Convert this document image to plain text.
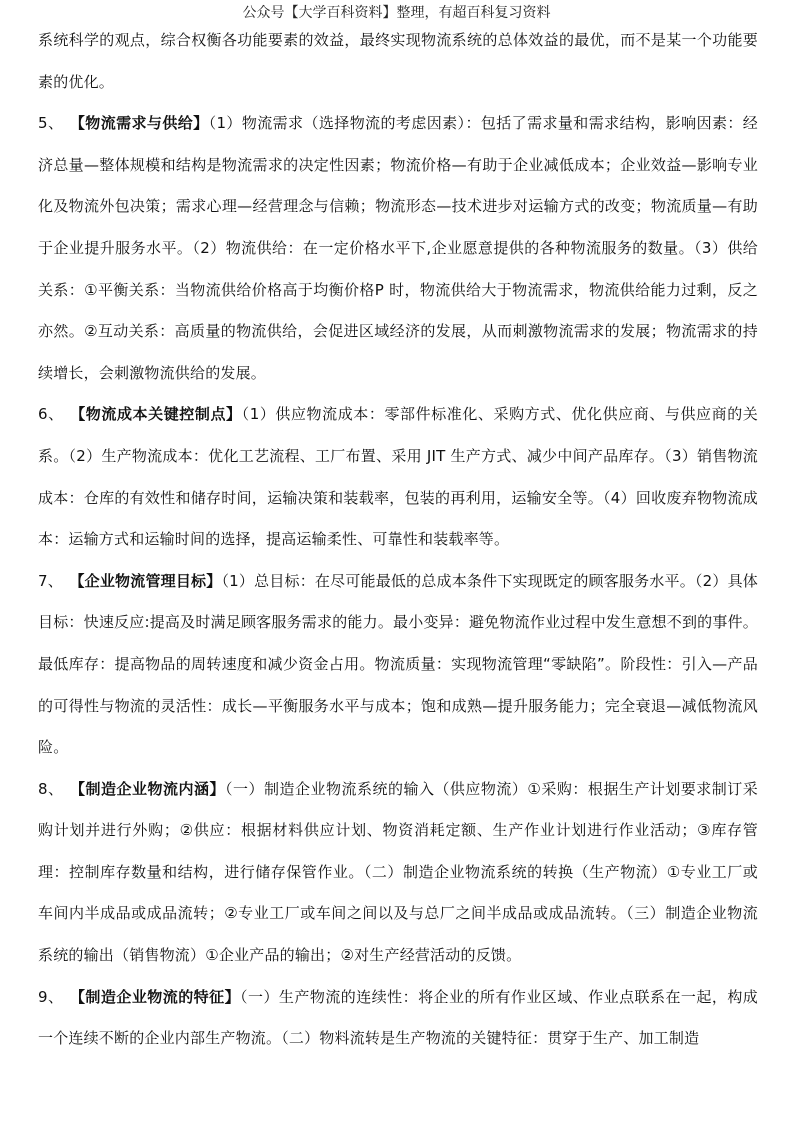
公众号【大学百科资料】整理，有超百科复习资料

系统科学的观点，综合权衡各功能要素的效益，最终实现物流系统的总体效益的最优，而不是某一个功能要素的优化。

5、 【物流需求与供给】（1）物流需求（选择物流的考虑因素）：包括了需求量和需求结构，影响因素：经济总量—整体规模和结构是物流需求的决定性因素；物流价格—有助于企业减低成本；企业效益—影响专业化及物流外包决策；需求心理—经营理念与信赖；物流形态—技术进步对运输方式的改变；物流质量—有助于企业提升服务水平。（2）物流供给：在一定价格水平下,企业愿意提供的各种物流服务的数量。（3）供给关系：①平衡关系：当物流供给价格高于均衡价格P 时，物流供给大于物流需求，物流供给能力过剩，反之亦然。②互动关系：高质量的物流供给，会促进区域经济的发展，从而刺激物流需求的发展；物流需求的持续增长，会刺激物流供给的发展。

6、 【物流成本关键控制点】（1）供应物流成本：零部件标准化、采购方式、优化供应商、与供应商的关系。（2）生产物流成本：优化工艺流程、工厂布置、采用 JIT 生产方式、减少中间产品库存。（3）销售物流成本：仓库的有效性和储存时间，运输决策和装载率，包装的再利用，运输安全等。（4）回收废弃物物流成本：运输方式和运输时间的选择，提高运输柔性、可靠性和装载率等。

7、 【企业物流管理目标】（1）总目标：在尽可能最低的总成本条件下实现既定的顾客服务水平。（2）具体目标：快速反应:提高及时满足顾客服务需求的能力。最小变异：避免物流作业过程中发生意想不到的事件。最低库存：提高物品的周转速度和减少资金占用。物流质量：实现物流管理“零缺陷”。阶段性：引入—产品的可得性与物流的灵活性：成长—平衡服务水平与成本；饱和成熟—提升服务能力；完全衰退—减低物流风险。

8、 【制造企业物流内涵】（一）制造企业物流系统的输入（供应物流）①采购：根据生产计划要求制订采购计划并进行外购；②供应：根据材料供应计划、物资消耗定额、生产作业计划进行作业活动；③库存管理：控制库存数量和结构，进行储存保管作业。（二）制造企业物流系统的转换（生产物流）①专业工厂或车间内半成品或成品流转；②专业工厂或车间之间以及与总厂之间半成品或成品流转。（三）制造企业物流系统的输出（销售物流）①企业产品的输出；②对生产经营活动的反馈。

9、 【制造企业物流的特征】（一）生产物流的连续性：将企业的所有作业区域、作业点联系在一起，构成一个连续不断的企业内部生产物流。（二）物料流转是生产物流的关键特征：贯穿于生产、加工制造
